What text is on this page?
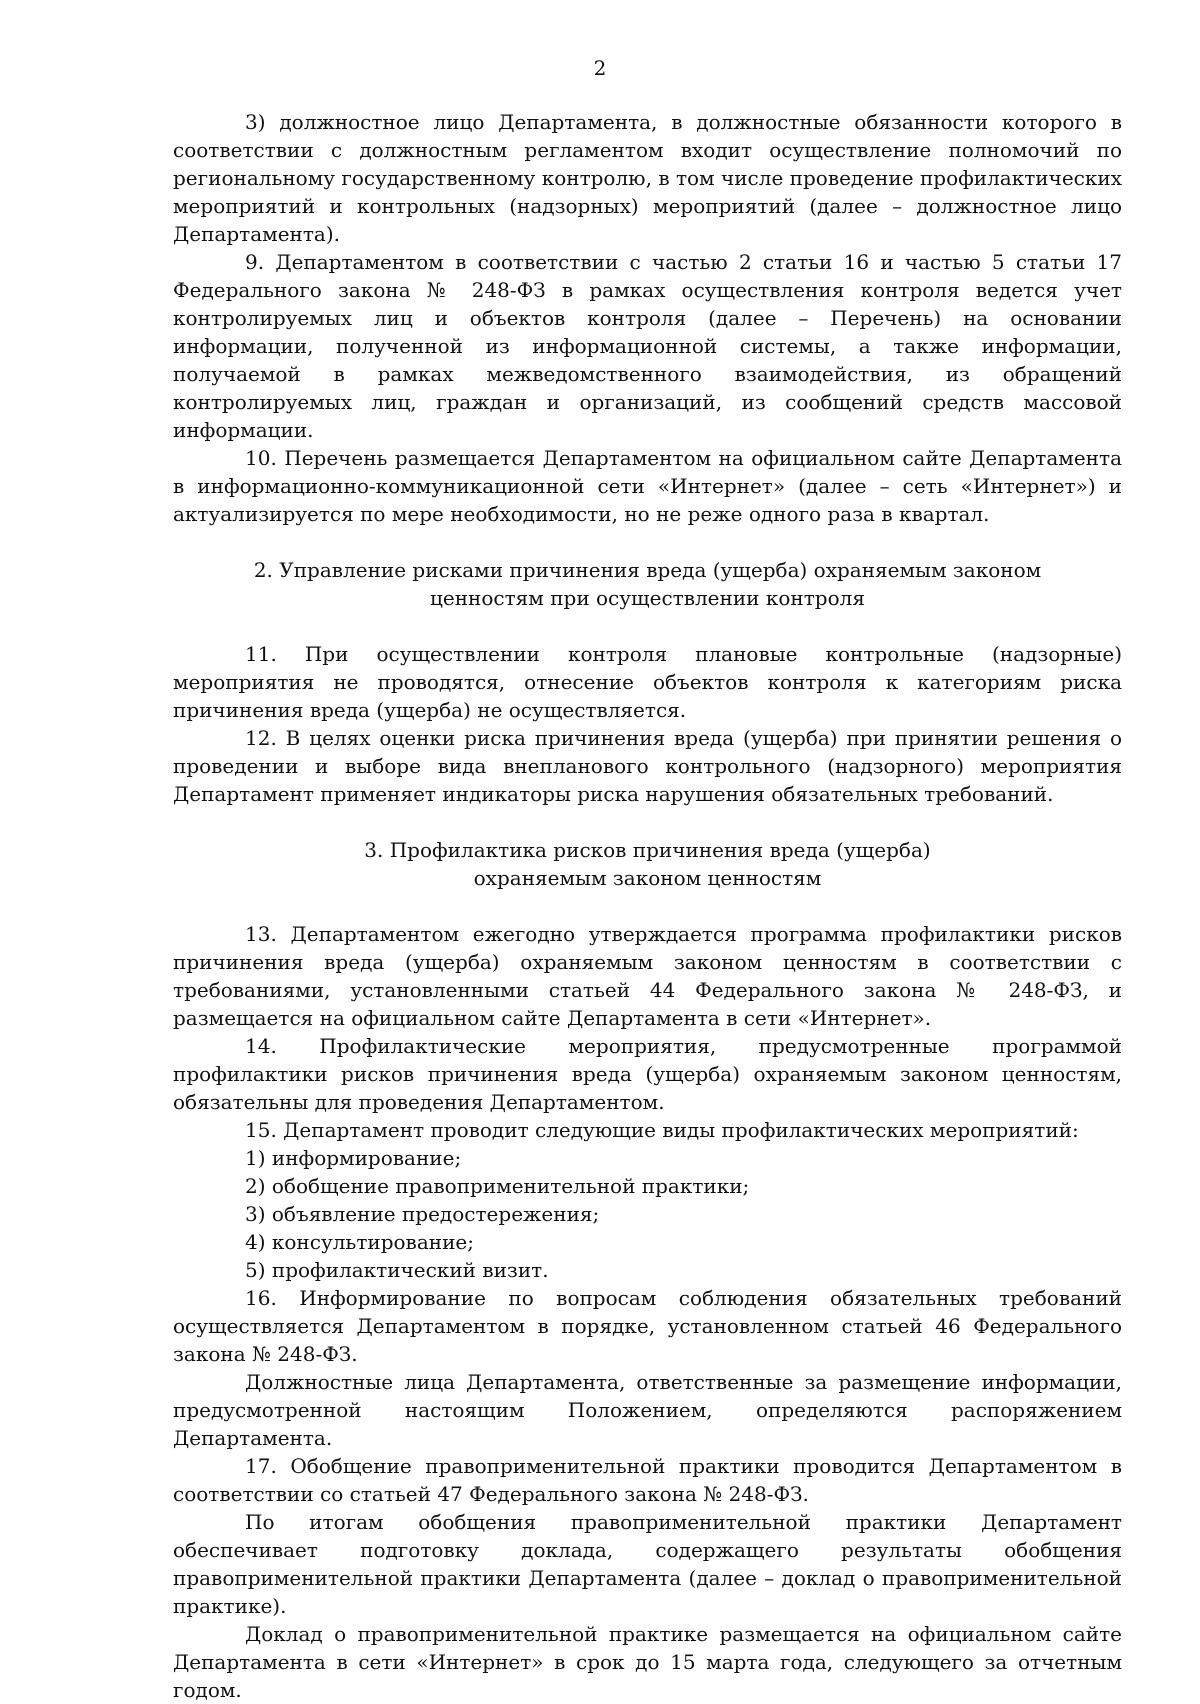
2

3) должностное лицо Департамента, в должностные обязанности которого в соответствии с должностным регламентом входит осуществление полномочий по региональному государственному контролю, в том числе проведение профилактических мероприятий и контрольных (надзорных) мероприятий (далее – должностное лицо Департамента).

9. Департаментом в соответствии с частью 2 статьи 16 и частью 5 статьи 17 Федерального закона № 248-ФЗ в рамках осуществления контроля ведется учет контролируемых лиц и объектов контроля (далее – Перечень) на основании информации, полученной из информационной системы, а также информации, получаемой в рамках межведомственного взаимодействия, из обращений контролируемых лиц, граждан и организаций, из сообщений средств массовой информации.

10. Перечень размещается Департаментом на официальном сайте Департамента в информационно-коммуникационной сети «Интернет» (далее – сеть «Интернет») и актуализируется по мере необходимости, но не реже одного раза в квартал.

2. Управление рисками причинения вреда (ущерба) охраняемым законом

ценностям при осуществлении контроля

11. При осуществлении контроля плановые контрольные (надзорные) мероприятия не проводятся, отнесение объектов контроля к категориям риска причинения вреда (ущерба) не осуществляется.

12. В целях оценки риска причинения вреда (ущерба) при принятии решения о проведении и выборе вида внепланового контрольного (надзорного) мероприятия Департамент применяет индикаторы риска нарушения обязательных требований.

3. Профилактика рисков причинения вреда (ущерба)

охраняемым законом ценностям

13. Департаментом ежегодно утверждается программа профилактики рисков причинения вреда (ущерба) охраняемым законом ценностям в соответствии с требованиями, установленными статьей 44 Федерального закона № 248-ФЗ, и размещается на официальном сайте Департамента в сети «Интернет».

14. Профилактические мероприятия, предусмотренные программой профилактики рисков причинения вреда (ущерба) охраняемым законом ценностям, обязательны для проведения Департаментом.

15. Департамент проводит следующие виды профилактических мероприятий:

1) информирование;

2) обобщение правоприменительной практики;

3) объявление предостережения;

4) консультирование;

5) профилактический визит.

16. Информирование по вопросам соблюдения обязательных требований осуществляется Департаментом в порядке, установленном статьей 46 Федерального закона № 248-ФЗ.

Должностные лица Департамента, ответственные за размещение информации, предусмотренной настоящим Положением, определяются распоряжением Департамента.

17. Обобщение правоприменительной практики проводится Департаментом в соответствии со статьей 47 Федерального закона № 248-ФЗ.

По итогам обобщения правоприменительной практики Департамент обеспечивает подготовку доклада, содержащего результаты обобщения правоприменительной практики Департамента (далее – доклад о правоприменительной практике).

Доклад о правоприменительной практике размещается на официальном сайте Департамента в сети «Интернет» в срок до 15 марта года, следующего за отчетным годом.
